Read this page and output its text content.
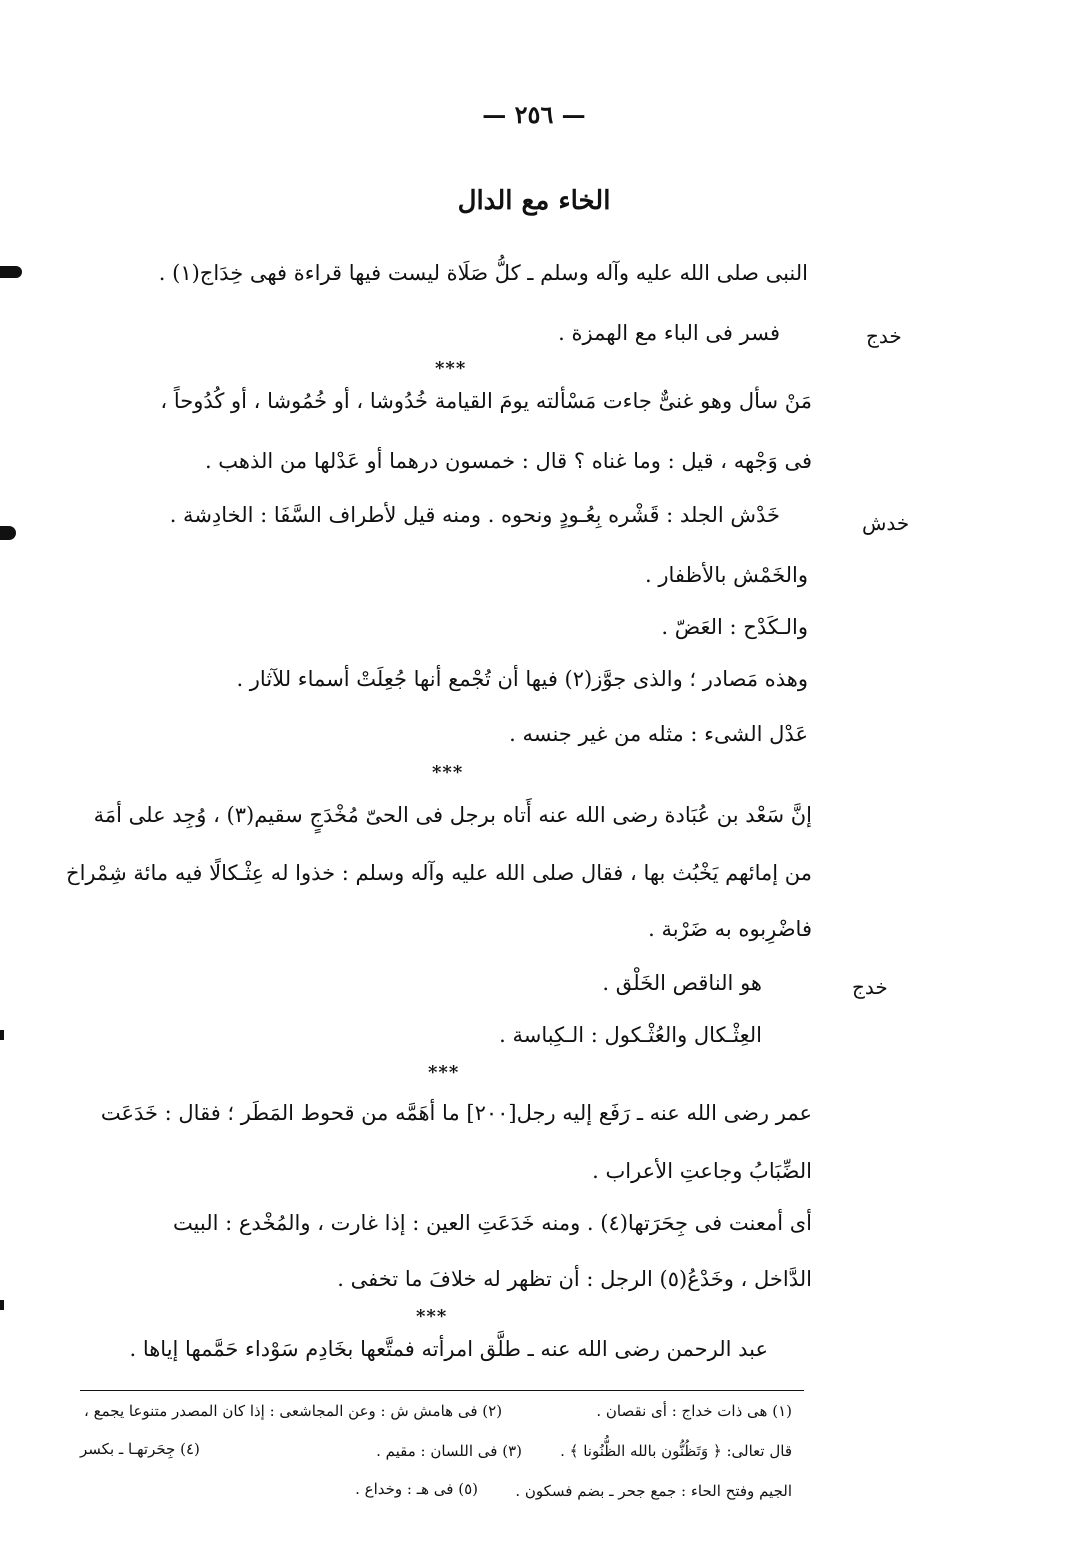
— ٢٥٦ —
الخاء مع الدال
النبى صلى الله عليه وآله وسلم ـ كلُّ صَلَاة ليست فيها قراءة فهى خِدَاج(١) .
خدج
فسر فى الباء مع الهمزة .
***
مَنْ سأل وهو غنىٌّ جاءت مَسْألته يومَ القيامة خُدُوشا ، أو خُمُوشا ، أو كُدُوحاً ،
فى وَجْهه ، قيل : وما غناه ؟ قال : خمسون درهما أو عَدْلها من الذهب .
خدش
خَدْش الجلد : قَشْره بِعُـودٍ ونحوه . ومنه قيل لأطراف السَّفَا : الخادِشة .
والخَمْش بالأظفار .
والـكَدْح : العَضّ .
وهذه مَصادر ؛ والذى جوَّز(٢) فيها أن تُجْمع أنها جُعِلَتْ أسماء للآثار .
عَدْل الشىء : مثله من غير جنسه .
***
إنَّ سَعْد بن عُبَادة رضى الله عنه أَتاه برجل فى الحىّ مُخْدَجٍ سقيم(٣) ، وُجِد على أمَة
من إمائهم يَخْبُث بها ، فقال صلى الله عليه وآله وسلم : خذوا له عِثْـكالًا فيه مائة شِمْراخ
فاضْرِبوه به ضَرْبة .
خدج
هو الناقص الخَلْق .
العِثْـكال والعُثْـكول : الـكِباسة .
***
عمر رضى الله عنه ـ رَفَع إليه رجل[٢٠٠] ما أهَمَّه من قحوط المَطَر ؛ فقال : خَدَعَت
الضِّبَابُ وجاعتِ الأعراب .
أى أمعنت فى جِحَرَتها(٤) . ومنه خَدَعَتِ العين : إذا غارت ، والمُخْدع : البيت
الدَّاخل ، وخَدْعُ(٥) الرجل : أن تظهر له خلافَ ما تخفى .
***
عبد الرحمن رضى الله عنه ـ طلَّق امرأته فمتَّعها بخَادِم سَوْداء حَمَّمها إياها .
(١) هى ذات خداج : أى نقصان .
(٢) فى هامش ش : وعن المجاشعى : إذا كان المصدر متنوعا يجمع ،
قال تعالى: ﴿ وَتَظُنُّون بالله الظُّنُونا ﴾ .
(٣) فى اللسان : مقيم .
(٤) جِحَرتهـا ـ بكسر
الجيم وفتح الحاء : جمع جحر ـ بضم فسكون .
(٥) فى هـ : وخداع .
